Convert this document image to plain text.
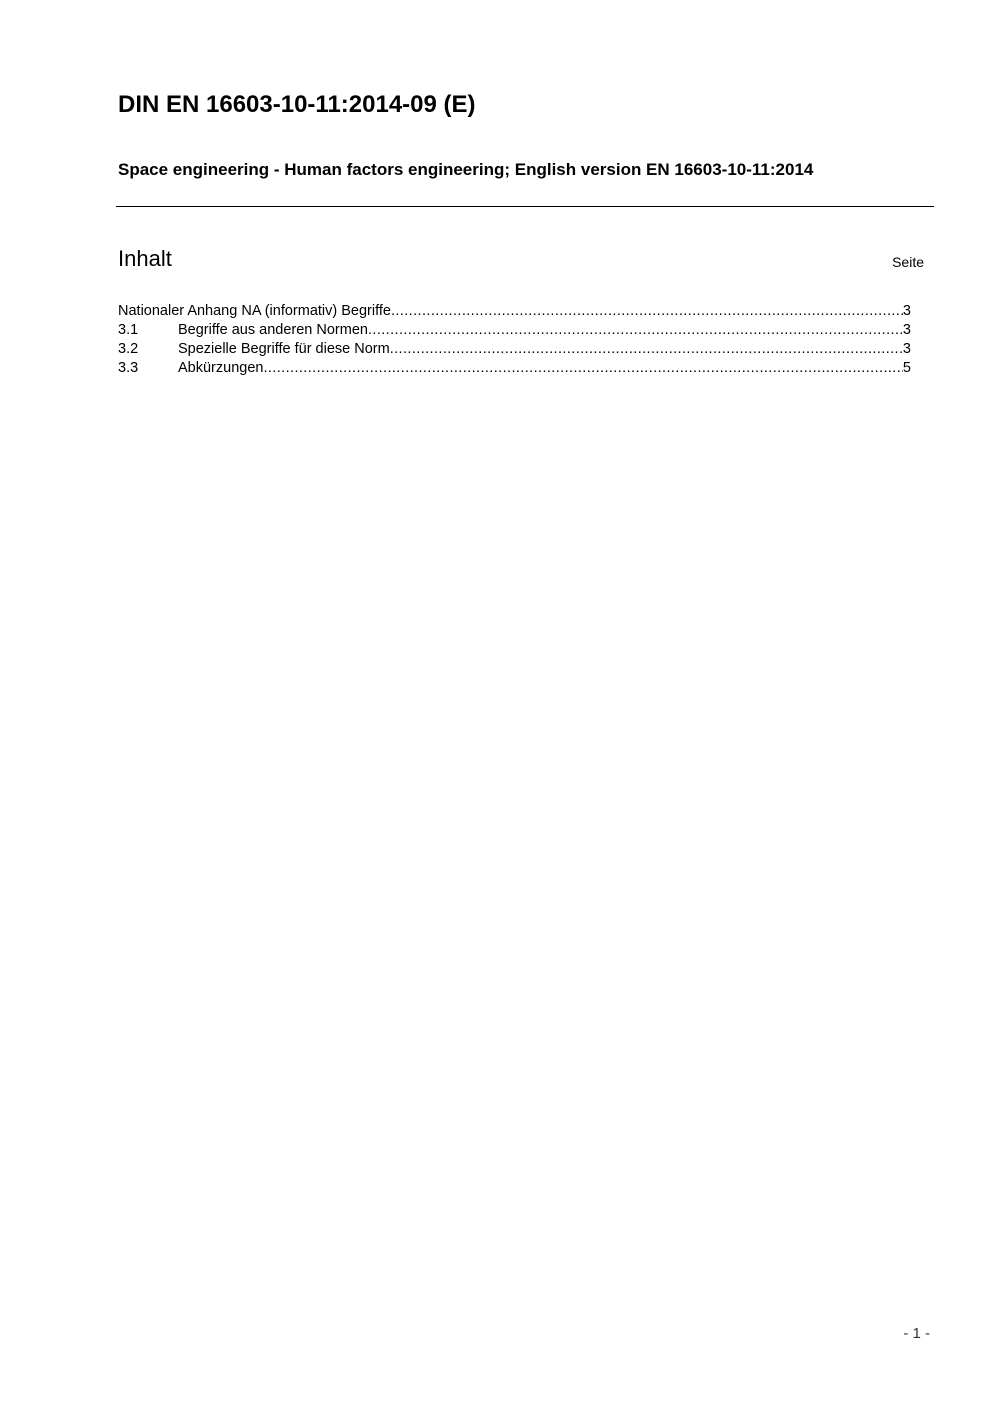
DIN EN 16603-10-11:2014-09 (E)

Space engineering - Human factors engineering; English version EN 16603-10-11:2014

Inhalt	Seite
Nationaler Anhang NA (informativ) Begriffe .....	3
3.1	Begriffe aus anderen Normen .....	3
3.2	Spezielle Begriffe für diese Norm .....	3
3.3	Abkürzungen .....	5
- 1 -
